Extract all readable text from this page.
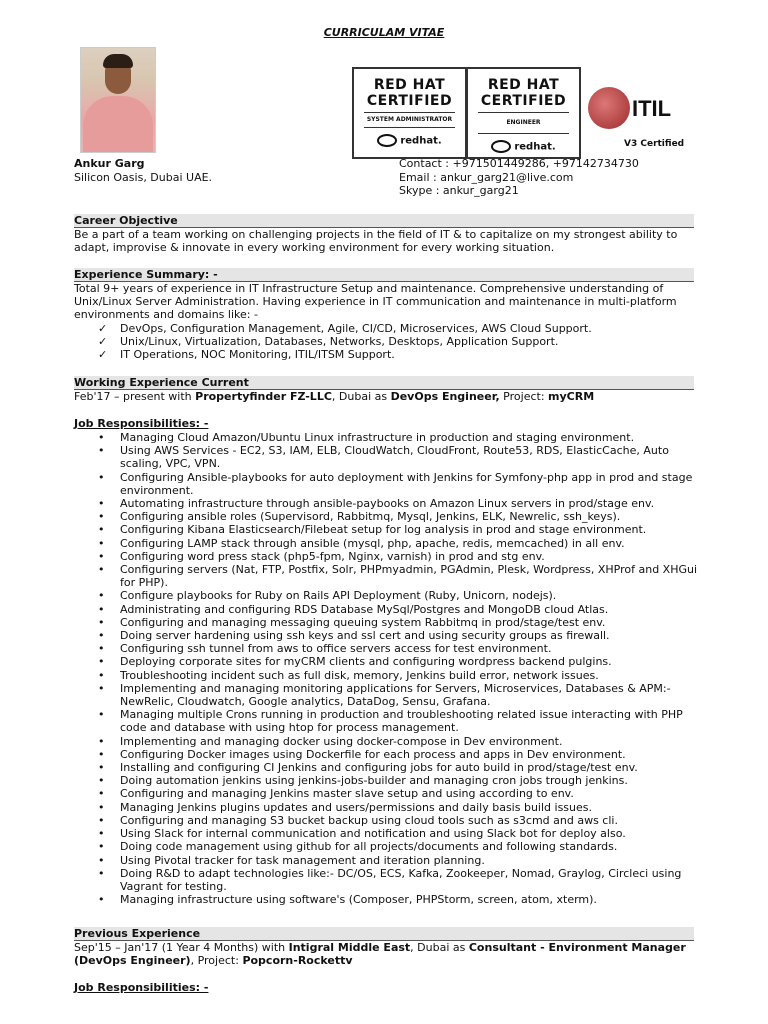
CURRICULAM VITAE
RED HAT
CERTIFIED
SYSTEM ADMINISTRATOR
redhat.
RED HAT
CERTIFIED
ENGINEER
redhat.
ITIL
V3 Certified
Ankur Garg
Silicon Oasis, Dubai UAE.
Contact : +971501449286, +97142734730
Email : ankur_garg21@live.com
Skype : ankur_garg21
Career Objective
Be a part of a team working on challenging projects in the field of IT & to capitalize on my strongest ability to adapt, improvise & innovate in every working environment for every working situation.
Experience Summary: -
Total 9+ years of experience in IT Infrastructure Setup and maintenance. Comprehensive understanding of Unix/Linux Server Administration. Having experience in IT communication and maintenance in multi-platform environments and domains like: -
✓ DevOps, Configuration Management, Agile, CI/CD, Microservices, AWS Cloud Support.
✓ Unix/Linux, Virtualization, Databases, Networks, Desktops, Application Support.
✓ IT Operations, NOC Monitoring, ITIL/ITSM Support.
Working Experience Current
Feb'17 – present with Propertyfinder FZ-LLC, Dubai as DevOps Engineer, Project: myCRM
Job Responsibilities: -
• Managing Cloud Amazon/Ubuntu Linux infrastructure in production and staging environment.
• Using AWS Services - EC2, S3, IAM, ELB, CloudWatch, CloudFront, Route53, RDS, ElasticCache, Auto scaling, VPC, VPN.
• Configuring Ansible-playbooks for auto deployment with Jenkins for Symfony-php app in prod and stage environment.
• Automating infrastructure through ansible-paybooks on Amazon Linux servers in prod/stage env.
• Configuring ansible roles (Supervisord, Rabbitmq, Mysql, Jenkins, ELK, Newrelic, ssh_keys).
• Configuring Kibana Elasticsearch/Filebeat setup for log analysis in prod and stage environment.
• Configuring LAMP stack through ansible (mysql, php, apache, redis, memcached) in all env.
• Configuring word press stack (php5-fpm, Nginx, varnish) in prod and stg env.
• Configuring servers (Nat, FTP, Postfix, Solr, PHPmyadmin, PGAdmin, Plesk, Wordpress, XHProf and XHGui for PHP).
• Configure playbooks for Ruby on Rails API Deployment (Ruby, Unicorn, nodejs).
• Administrating and configuring RDS Database MySql/Postgres and MongoDB cloud Atlas.
• Configuring and managing messaging queuing system Rabbitmq in prod/stage/test env.
• Doing server hardening using ssh keys and ssl cert and using security groups as firewall.
• Configuring ssh tunnel from aws to office servers access for test environment.
• Deploying corporate sites for myCRM clients and configuring wordpress backend pulgins.
• Troubleshooting incident such as full disk, memory, Jenkins build error, network issues.
• Implementing and managing monitoring applications for Servers, Microservices, Databases & APM:- NewRelic, Cloudwatch, Google analytics, DataDog, Sensu, Grafana.
• Managing multiple Crons running in production and troubleshooting related issue interacting with PHP code and database with using htop for process management.
• Implementing and managing docker using docker-compose in Dev environment.
• Configuring Docker images using Dockerfile for each process and apps in Dev environment.
• Installing and configuring CI Jenkins and configuring jobs for auto build in prod/stage/test env.
• Doing automation jenkins using jenkins-jobs-builder and managing cron jobs trough jenkins.
• Configuring and managing Jenkins master slave setup and using according to env.
• Managing Jenkins plugins updates and users/permissions and daily basis build issues.
• Configuring and managing S3 bucket backup using cloud tools such as s3cmd and aws cli.
• Using Slack for internal communication and notification and using Slack bot for deploy also.
• Doing code management using github for all projects/documents and following standards.
• Using Pivotal tracker for task management and iteration planning.
• Doing R&D to adapt technologies like:- DC/OS, ECS, Kafka, Zookeeper, Nomad, Graylog, Circleci using Vagrant for testing.
• Managing infrastructure using software's (Composer, PHPStorm, screen, atom, xterm).
Previous Experience
Sep'15 – Jan'17 (1 Year 4 Months) with Intigral Middle East, Dubai as Consultant - Environment Manager (DevOps Engineer), Project: Popcorn-Rockettv
Job Responsibilities: -
